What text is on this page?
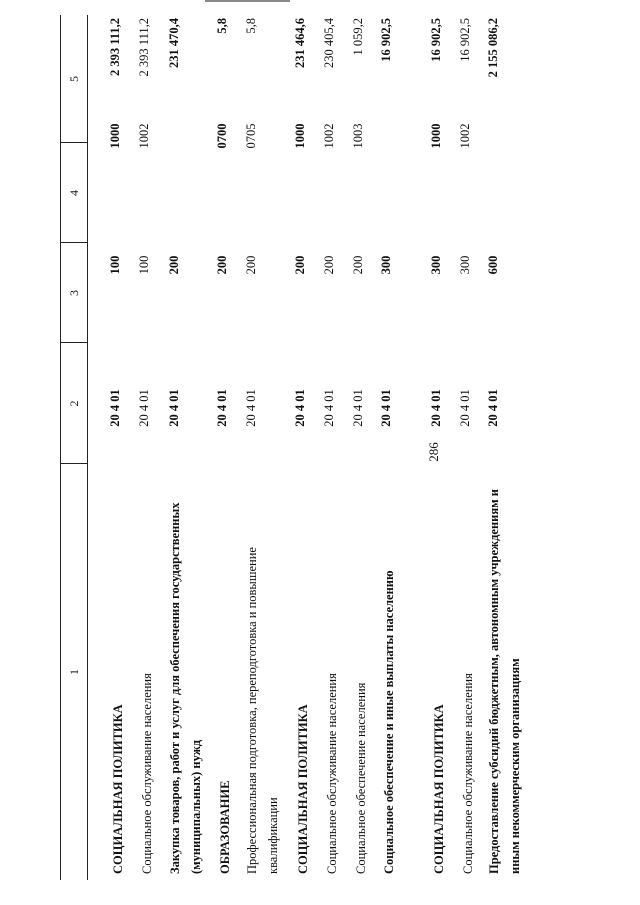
286
1
2
3
4
5
СОЦИАЛЬНАЯ ПОЛИТИКА
20 4 01
100
1000
2 393 111,2
Социальное обслуживание населения
20 4 01
100
1002
2 393 111,2
Закупка товаров, работ и услуг для обеспечения государственных (муниципальных) нужд
20 4 01
200
231 470,4
ОБРАЗОВАНИЕ
20 4 01
200
0700
5,8
Профессиональная подготовка, переподготовка и повышение квалификации
20 4 01
200
0705
5,8
СОЦИАЛЬНАЯ ПОЛИТИКА
20 4 01
200
1000
231 464,6
Социальное обслуживание населения
20 4 01
200
1002
230 405,4
Социальное обеспечение населения
20 4 01
200
1003
1 059,2
Социальное обеспечение и иные выплаты населению
20 4 01
300
16 902,5
СОЦИАЛЬНАЯ ПОЛИТИКА
20 4 01
300
1000
16 902,5
Социальное обслуживание населения
20 4 01
300
1002
16 902,5
Предоставление субсидий бюджетным, автономным учреждениям и иным некоммерческим организациям
20 4 01
600
2 155 086,2
